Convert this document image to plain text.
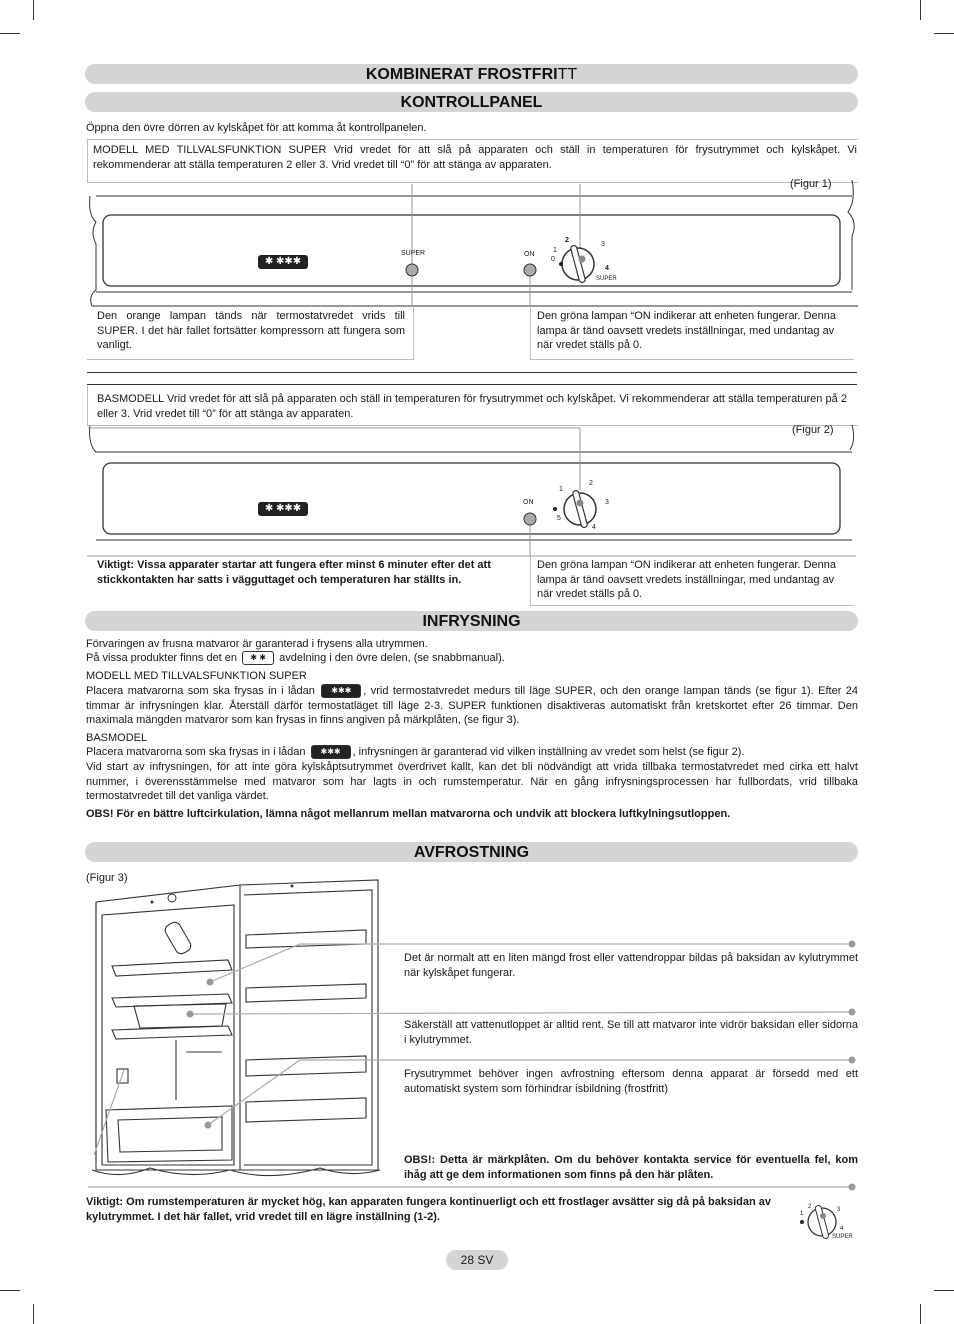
KOMBINERAT FROSTFRITT
KONTROLLPANEL
Öppna den övre dörren av kylskåpet för att komma åt kontrollpanelen.
MODELL MED TILLVALSFUNKTION SUPER Vrid vredet för att slå på apparaten och ställ in temperaturen för frysutrymmet och kylskåpet. Vi rekommenderar att ställa temperaturen 2 eller 3. Vrid vredet till “0” för att stänga av apparaten.
(Figur 1)
✱ ✱✱✱
SUPER	ON
0
1
2
3
4
SUPER
Den orange lampan tänds när termostatvredet vrids till SUPER. I det här fallet fortsätter kompressorn att fungera som vanligt.
Den gröna lampan “ON indikerar att enheten fungerar. Denna lampa är tänd oavsett vredets inställningar, med undantag av när vredet ställs på 0.
BASMODELL Vrid vredet för att slå på apparaten och ställ in temperaturen för frysutrymmet och kylskåpet. Vi rekommenderar att ställa temperaturen på 2 eller 3. Vrid vredet till “0” för att stänga av apparaten.
(Figur 2)
✱ ✱✱✱
ON
1
2
3
4
5
Viktigt: Vissa apparater startar att fungera efter minst 6 minuter efter det att stickkontakten har satts i vägguttaget och temperaturen har ställts in.
Den gröna lampan “ON indikerar att enheten fungerar. Denna lampa är tänd oavsett vredets inställningar, med undantag av när vredet ställs på 0.
INFRYSNING
Förvaringen av frusna matvaror är garanterad i frysens alla utrymmen.
På vissa produkter finns det en ✱ ✱ avdelning i den övre delen, (se snabbmanual).
MODELL MED TILLVALSFUNKTION SUPER
Placera matvarorna som ska frysas in i lådan ✱✱✱ , vrid termostatvredet medurs till läge SUPER, och den orange lampan tänds (se figur 1). Efter 24 timmar är infrysningen klar. Återställ därför termostatläget till läge 2-3. SUPER funktionen disaktiveras automatiskt från kretskortet efter 26 timmar. Den maximala mängden matvaror som kan frysas in finns angiven på märkplåten, (se figur 3).
BASMODEL
Placera matvarorna som ska frysas in i lådan ✱✱✱ , infrysningen är garanterad vid vilken inställning av vredet som helst (se figur 2).
Vid start av infrysningen, för att inte göra kylskåptsutrymmet överdrivet kallt, kan det bli nödvändigt att vrida tillbaka termostatvredet med cirka ett halvt nummer, i överensstämmelse med matvaror som har lagts in och rumstemperatur. När en gång infrysningsprocessen har fullbordats, vrid tillbaka termostatvredet till det vanliga värdet.
OBS! För en bättre luftcirkulation, lämna något mellanrum mellan matvarorna och undvik att blockera luftkylningsutloppen.
AVFROSTNING
(Figur 3)
Det är normalt att en liten mängd frost eller vattendroppar bildas på baksidan av kylutrymmet när kylskåpet fungerar.
Säkerställ att vattenutloppet är alltid rent. Se till att matvaror inte vidrör baksidan eller sidorna i kylutrymmet.
Frysutrymmet behöver ingen avfrostning eftersom denna apparat är försedd med ett automatiskt system som förhindrar isbildning (frostfritt)
OBS!: Detta är märkplåten. Om du behöver kontakta service för eventuella fel, kom ihåg att ge dem informationen som finns på den här plåten.
Viktigt: Om rumstemperaturen är mycket hög, kan apparaten fungera kontinuerligt och ett frostlager avsätter sig då på baksidan av kylutrymmet. I det här fallet, vrid vredet till en lägre inställning (1-2).	1
2	3
4
SUPER
28 SV
